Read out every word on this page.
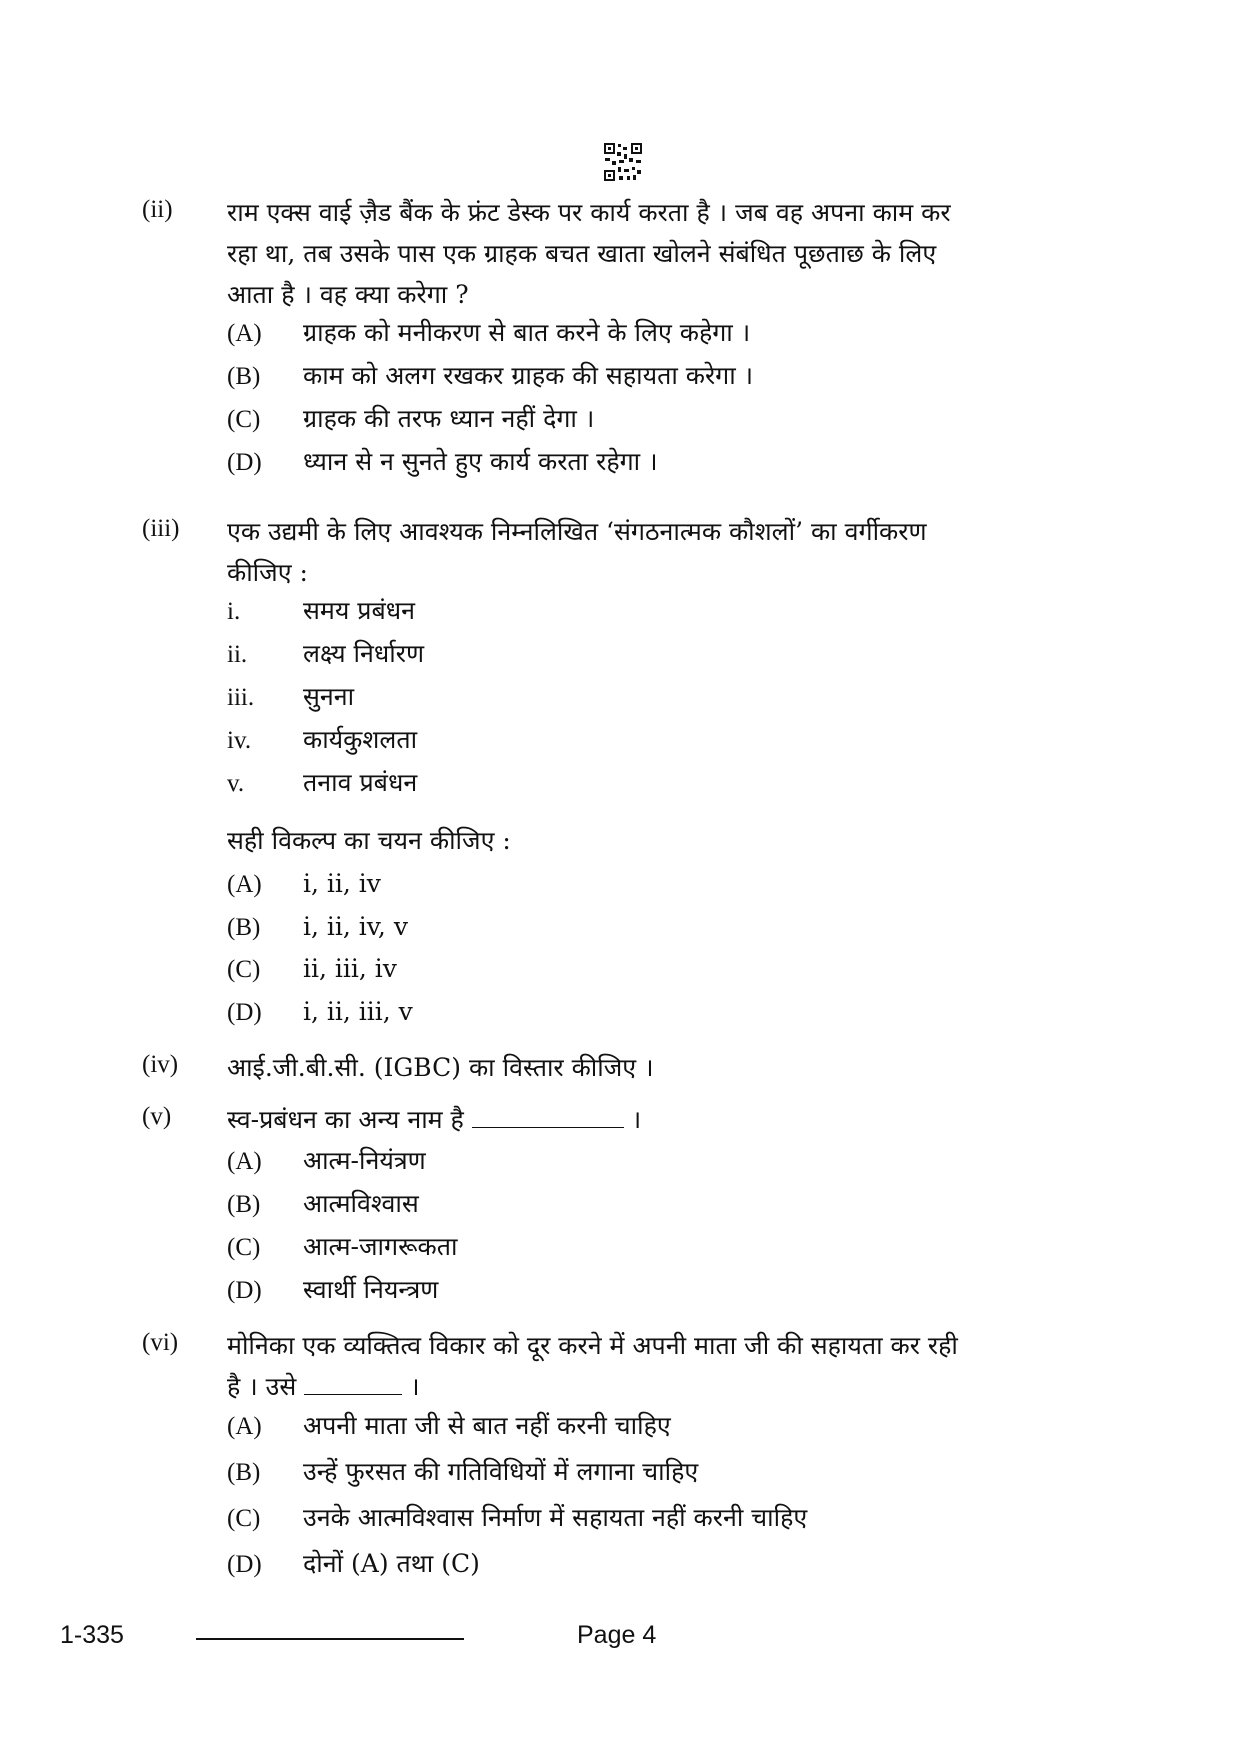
(ii) राम एक्स वाई ज़ैड बैंक के फ्रंट डेस्क पर कार्य करता है । जब वह अपना काम कर
रहा था, तब उसके पास एक ग्राहक बचत खाता खोलने संबंधित पूछताछ के लिए
आता है । वह क्या करेगा ?
(A) ग्राहक को मनीकरण से बात करने के लिए कहेगा ।
(B) काम को अलग रखकर ग्राहक की सहायता करेगा ।
(C) ग्राहक की तरफ ध्यान नहीं देगा ।
(D) ध्यान से न सुनते हुए कार्य करता रहेगा ।
(iii) एक उद्यमी के लिए आवश्यक निम्नलिखित ‘संगठनात्मक कौशलों’ का वर्गीकरण
कीजिए :
i.	समय प्रबंधन
ii. लक्ष्य निर्धारण
iii. सुनना
iv. कार्यकुशलता
v. तनाव प्रबंधन
सही विकल्प का चयन कीजिए :
(A) i, ii, iv
(B) i, ii, iv, v
(C) ii, iii, iv
(D) i, ii, iii, v
(iv) आई.जी.बी.सी. (IGBC) का विस्तार कीजिए ।
(v) स्व-प्रबंधन का अन्य नाम है	।
(A) आत्म-नियंत्रण
(B) आत्मविश्वास
(C) आत्म-जागरूकता
(D) स्वार्थी नियन्त्रण
(vi) मोनिका एक व्यक्तित्व विकार को दूर करने में अपनी माता जी की सहायता कर रही
है । उसे	।
(A) अपनी माता जी से बात नहीं करनी चाहिए
(B) उन्हें फुरसत की गतिविधियों में लगाना चाहिए
(C) उनके आत्मविश्वास निर्माण में सहायता नहीं करनी चाहिए
(D) दोनों (A) तथा (C)
1-335	Page 4
